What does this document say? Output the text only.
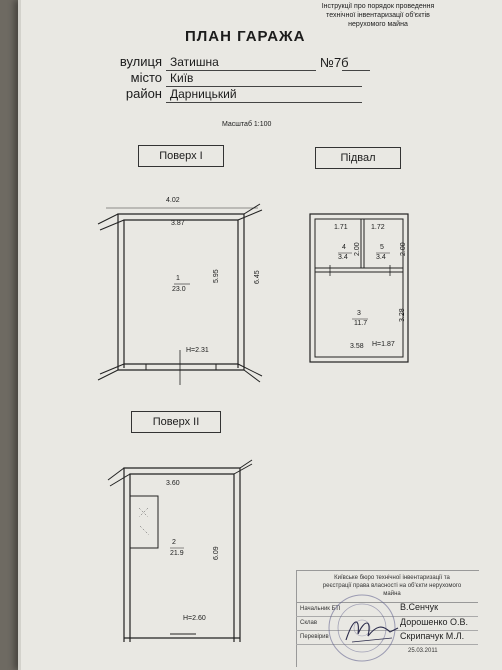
Інструкції про порядок проведення технічної інвентаризації об'єктів нерухомого майна
ПЛАН ГАРАЖА
вулиця Затишна	№7б
місто Київ
район Дарницький
Масштаб 1:100
Поверх I	Підвал
Поверх II
4.02
3.87
1
23.0
5.95	6.45
H=2.31
1.71	1.72
4
3.4
2.00	5
3.4
2.00
3
11.7
3.28
3.58 H=1.87
3.60
2
21.9	6.09
H=2.60
Київське бюро технічної інвентаризації та
реєстрації права власності на об'єкти нерухомого
майна
Начальник БТІ	В.Сенчук
Склав	Дорошенко О.В.
Перевірив	Скрипачук М.Л.
25.03.2011
